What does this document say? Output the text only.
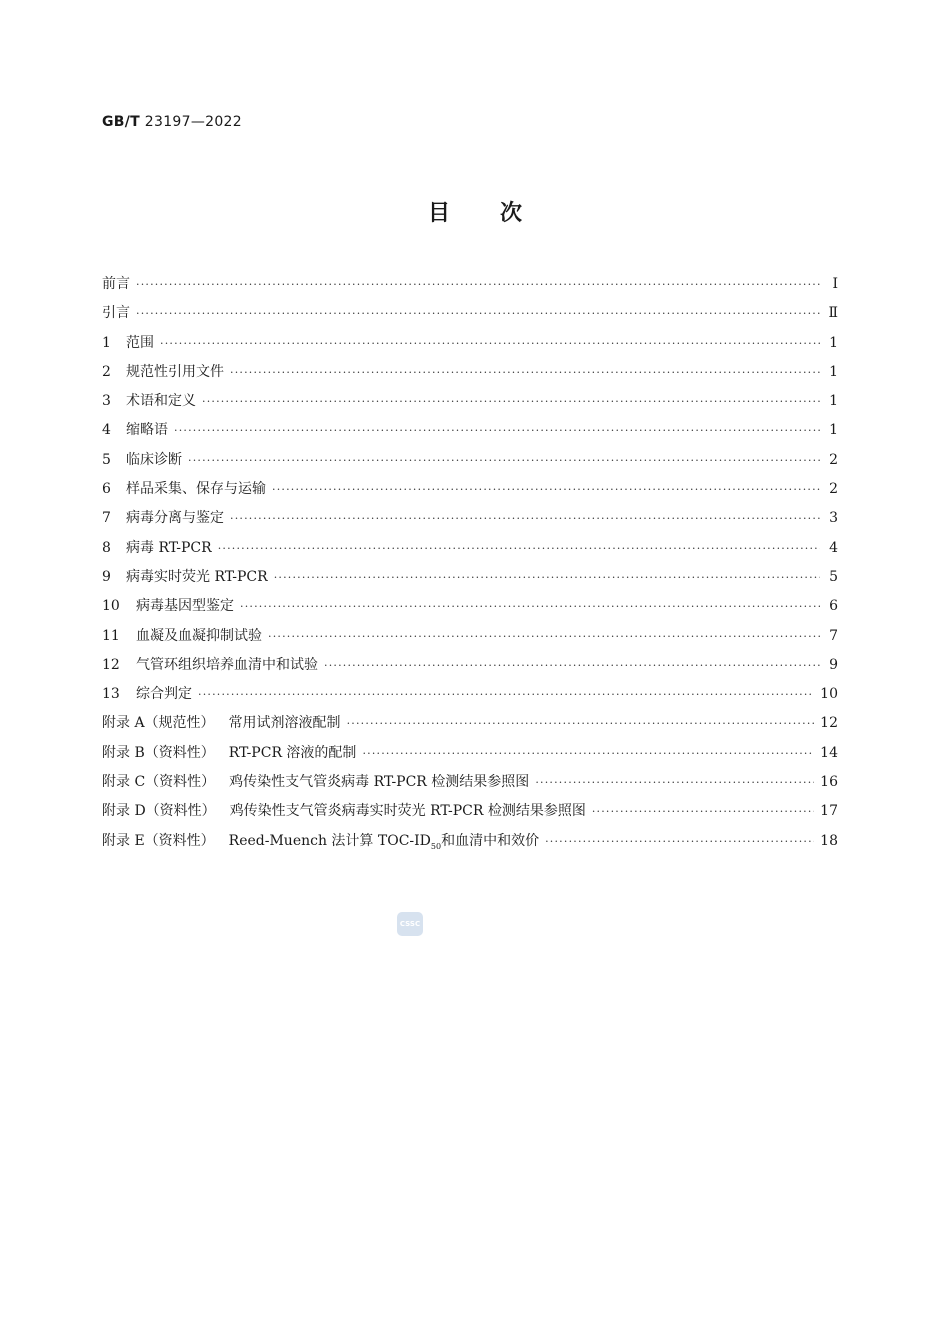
GB/T 23197—2022
目 次
前言 ·····	Ⅰ
引言 ·····	Ⅱ
1	范围 ·····	1
2	规范性引用文件 ·····	1
3	术语和定义 ·····	1
4	缩略语 ·····	1
5	临床诊断 ·····	2
6	样品采集、保存与运输 ·····	2
7	病毒分离与鉴定 ·····	3
8	病毒 RT-PCR ·····	4
9	病毒实时荧光 RT-PCR ·····	5
10	病毒基因型鉴定 ·····	6
11	血凝及血凝抑制试验 ·····	7
12	气管环组织培养血清中和试验 ·····	9
13	综合判定 ·····	10
附录 A（规范性） 常用试剂溶液配制 ·····	12
附录 B（资料性） RT-PCR 溶液的配制 ·····	14
附录 C（资料性） 鸡传染性支气管炎病毒 RT-PCR 检测结果参照图 ·····	16
附录 D（资料性） 鸡传染性支气管炎病毒实时荧光 RT-PCR 检测结果参照图 ·····	17
附录 E（资料性） Reed-Muench 法计算 TOC-$ID_{50}$和血清中和效价 ·····	18
CSSC
